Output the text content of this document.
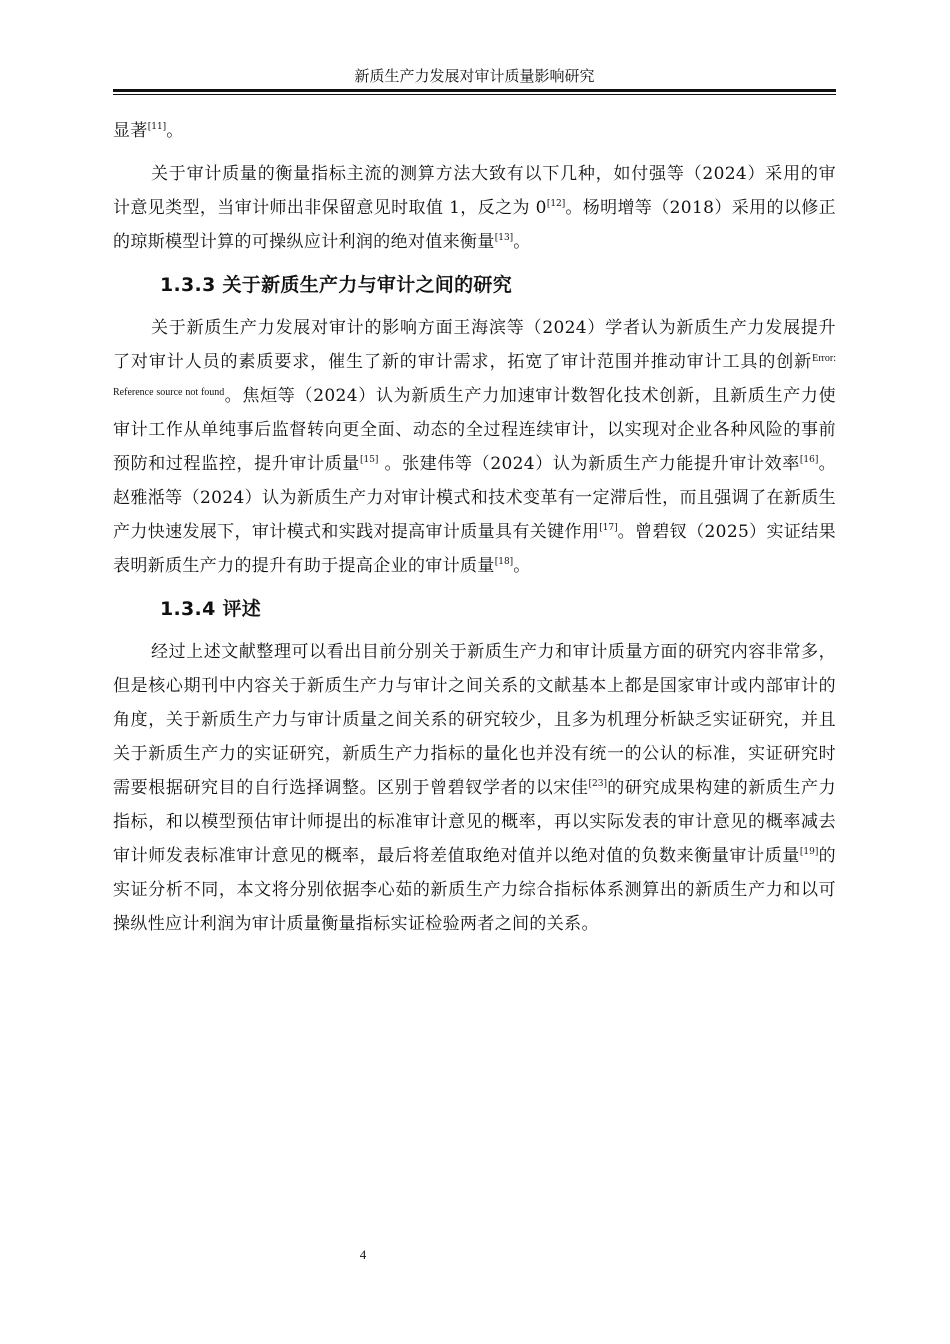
新质生产力发展对审计质量影响研究

显著[11]。

关于审计质量的衡量指标主流的测算方法大致有以下几种，如付强等（2024）采用的审计意见类型，当审计师出非保留意见时取值 1，反之为 0[12]。杨明增等（2018）采用的以修正的琼斯模型计算的可操纵应计利润的绝对值来衡量[13]。

1.3.3 关于新质生产力与审计之间的研究

关于新质生产力发展对审计的影响方面王海滨等（2024）学者认为新质生产力发展提升了对审计人员的素质要求，催生了新的审计需求，拓宽了审计范围并推动审计工具的创新$^{Error: Reference source not found}$。焦烜等（2024）认为新质生产力加速审计数智化技术创新，且新质生产力使审计工作从单纯事后监督转向更全面、动态的全过程连续审计，以实现对企业各种风险的事前预防和过程监控，提升审计质量[15] 。张建伟等（2024）认为新质生产力能提升审计效率[16]。赵雅湉等（2024）认为新质生产力对审计模式和技术变革有一定滞后性，而且强调了在新质生产力快速发展下，审计模式和实践对提高审计质量具有关键作用[17]。曾碧钗（2025）实证结果表明新质生产力的提升有助于提高企业的审计质量[18]。

1.3.4 评述

经过上述文献整理可以看出目前分别关于新质生产力和审计质量方面的研究内容非常多，但是核心期刊中内容关于新质生产力与审计之间关系的文献基本上都是国家审计或内部审计的角度，关于新质生产力与审计质量之间关系的研究较少，且多为机理分析缺乏实证研究，并且关于新质生产力的实证研究，新质生产力指标的量化也并没有统一的公认的标准，实证研究时需要根据研究目的自行选择调整。区别于曾碧钗学者的以宋佳[23]的研究成果构建的新质生产力指标，和以模型预估审计师提出的标准审计意见的概率，再以实际发表的审计意见的概率减去审计师发表标准审计意见的概率，最后将差值取绝对值并以绝对值的负数来衡量审计质量[19]的实证分析不同，本文将分别依据李心茹的新质生产力综合指标体系测算出的新质生产力和以可操纵性应计利润为审计质量衡量指标实证检验两者之间的关系。

4
